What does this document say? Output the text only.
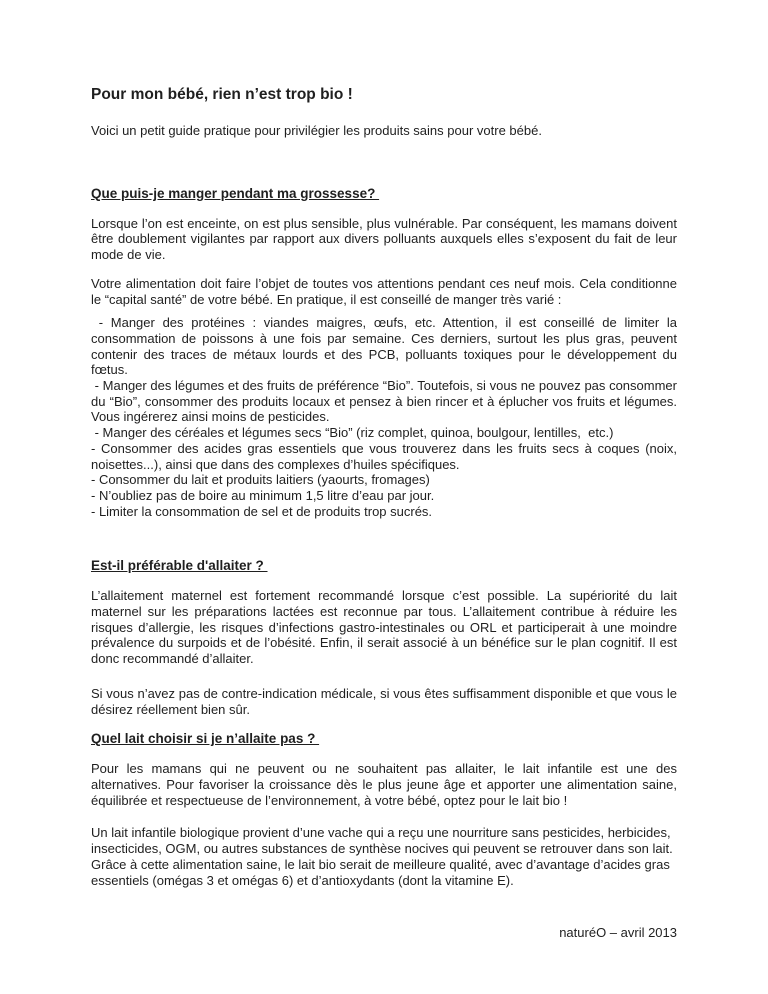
Pour mon bébé, rien n’est trop bio !

Voici un petit guide pratique pour privilégier les produits sains pour votre bébé.

Que puis-je manger pendant ma grossesse?

Lorsque l’on est enceinte, on est plus sensible, plus vulnérable. Par conséquent, les mamans doivent être doublement vigilantes par rapport aux divers polluants auxquels elles s’exposent du fait de leur mode de vie.

Votre alimentation doit faire l’objet de toutes vos attentions pendant ces neuf mois. Cela conditionne le “capital santé” de votre bébé. En pratique, il est conseillé de manger très varié :

- Manger des protéines : viandes maigres, œufs, etc. Attention, il est conseillé de limiter la consommation de poissons à une fois par semaine. Ces derniers, surtout les plus gras, peuvent contenir des traces de métaux lourds et des PCB, polluants toxiques pour le développement du fœtus.
- Manger des légumes et des fruits de préférence “Bio”. Toutefois, si vous ne pouvez pas consommer du “Bio”, consommer des produits locaux et pensez à bien rincer et à éplucher vos fruits et légumes. Vous ingérerez ainsi moins de pesticides.
- Manger des céréales et légumes secs “Bio” (riz complet, quinoa, boulgour, lentilles,  etc.)
- Consommer des acides gras essentiels que vous trouverez dans les fruits secs à coques (noix, noisettes...), ainsi que dans des complexes d’huiles spécifiques.
- Consommer du lait et produits laitiers (yaourts, fromages)
- N’oubliez pas de boire au minimum 1,5 litre d’eau par jour.
- Limiter la consommation de sel et de produits trop sucrés.
Est-il préférable d'allaiter ?

L’allaitement maternel est fortement recommandé lorsque c’est possible. La supériorité du lait maternel sur les préparations lactées est reconnue par tous. L’allaitement contribue à réduire les risques d’allergie, les risques d’infections gastro-intestinales ou ORL et participerait à une moindre prévalence du surpoids et de l’obésité. Enfin, il serait associé à un bénéfice sur le plan cognitif. Il est donc recommandé d’allaiter.

Si vous n’avez pas de contre-indication médicale, si vous êtes suffisamment disponible et que vous le désirez réellement bien sûr.

Quel lait choisir si je n’allaite pas ?

Pour les mamans qui ne peuvent ou ne souhaitent pas allaiter, le lait infantile est une des alternatives. Pour favoriser la croissance dès le plus jeune âge et apporter une alimentation saine, équilibrée et respectueuse de l’environnement, à votre bébé, optez pour le lait bio !

Un lait infantile biologique provient d’une vache qui a reçu une nourriture sans pesticides, herbicides, insecticides, OGM, ou autres substances de synthèse nocives qui peuvent se retrouver dans son lait.
Grâce à cette alimentation saine, le lait bio serait de meilleure qualité, avec d’avantage d’acides gras essentiels (omégas 3 et omégas 6) et d’antioxydants (dont la vitamine E).

naturéO – avril 2013
